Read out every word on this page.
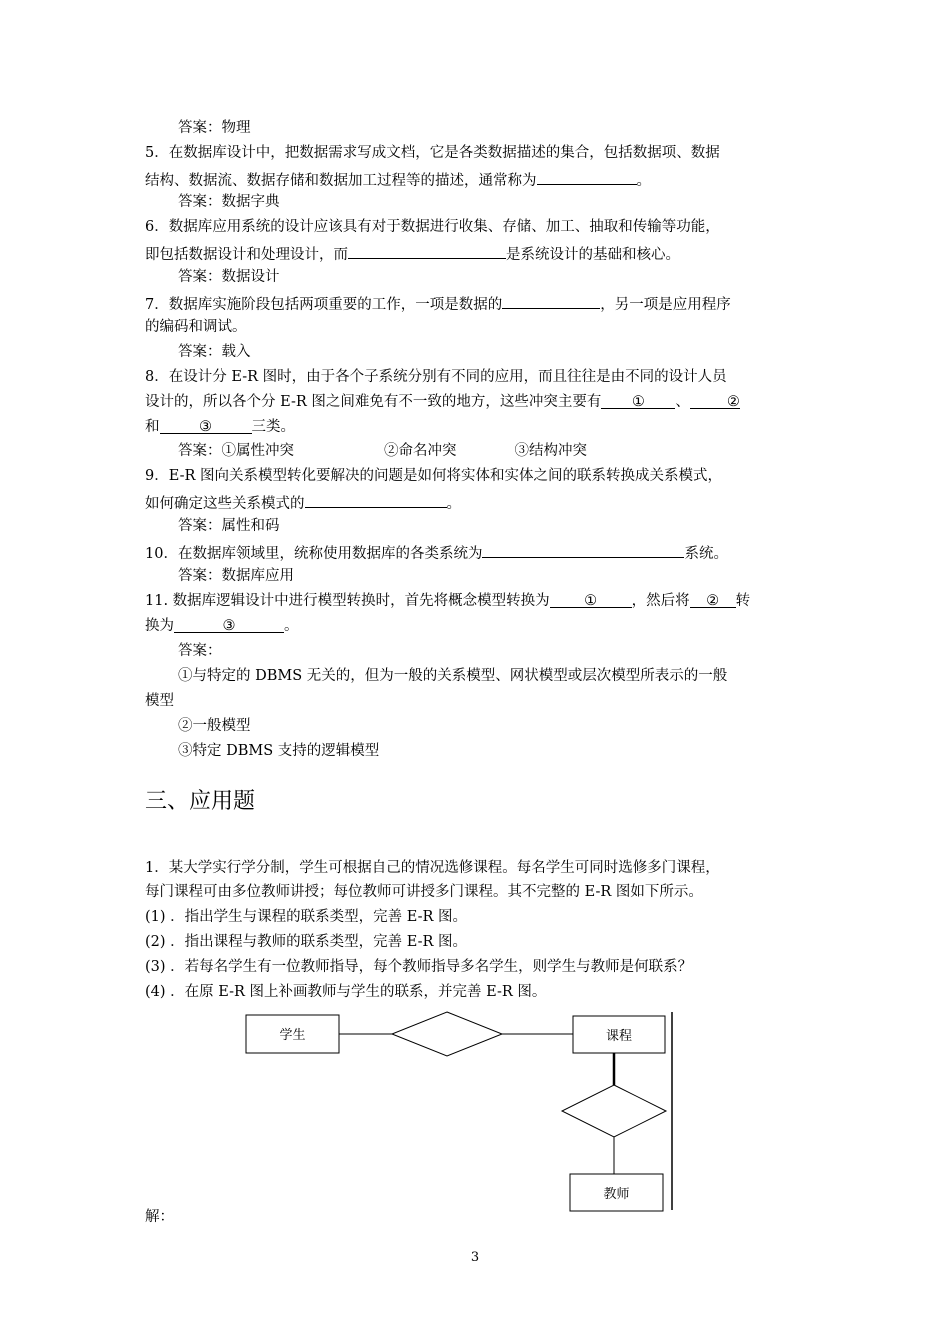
答案：物理
5．在数据库设计中，把数据需求写成文档，它是各类数据描述的集合，包括数据项、数据
结构、数据流、数据存储和数据加工过程等的描述，通常称为	。
答案：数据字典
6．数据库应用系统的设计应该具有对于数据进行收集、存储、加工、抽取和传输等功能，
即包括数据设计和处理设计，而	是系统设计的基础和核心。
答案：数据设计
7．数据库实施阶段包括两项重要的工作，一项是数据的	，另一项是应用程序
的编码和调试。
答案：载入
8．在设计分 E-R 图时，由于各个子系统分别有不同的应用，而且往往是由不同的设计人员
设计的，所以各个分 E-R 图之间难免有不一致的地方，这些冲突主要有 ① 、	②
和	③	三类。
答案：①属性冲突	②命名冲突	③结构冲突
9．E-R 图向关系模型转化要解决的问题是如何将实体和实体之间的联系转换成关系模式，
如何确定这些关系模式的	。
答案：属性和码
10．在数据库领域里，统称使用数据库的各类系统为	系统。
答案：数据库应用
11. 数据库逻辑设计中进行模型转换时，首先将概念模型转换为 ① ，然后将 ② 转
换为	③	。
答案：
①与特定的 DBMS 无关的，但为一般的关系模型、网状模型或层次模型所表示的一般
模型
②一般模型
③特定 DBMS 支持的逻辑模型
三、应用题
1．某大学实行学分制，学生可根据自己的情况选修课程。每名学生可同时选修多门课程，
每门课程可由多位教师讲授；每位教师可讲授多门课程。其不完整的 E-R 图如下所示。
(1) ．指出学生与课程的联系类型，完善 E-R 图。
(2) ．指出课程与教师的联系类型，完善 E-R 图。
(3) ．若每名学生有一位教师指导，每个教师指导多名学生，则学生与教师是何联系？
(4) ．在原 E-R 图上补画教师与学生的联系，并完善 E-R 图。
学生	课程
教师
解：
3
